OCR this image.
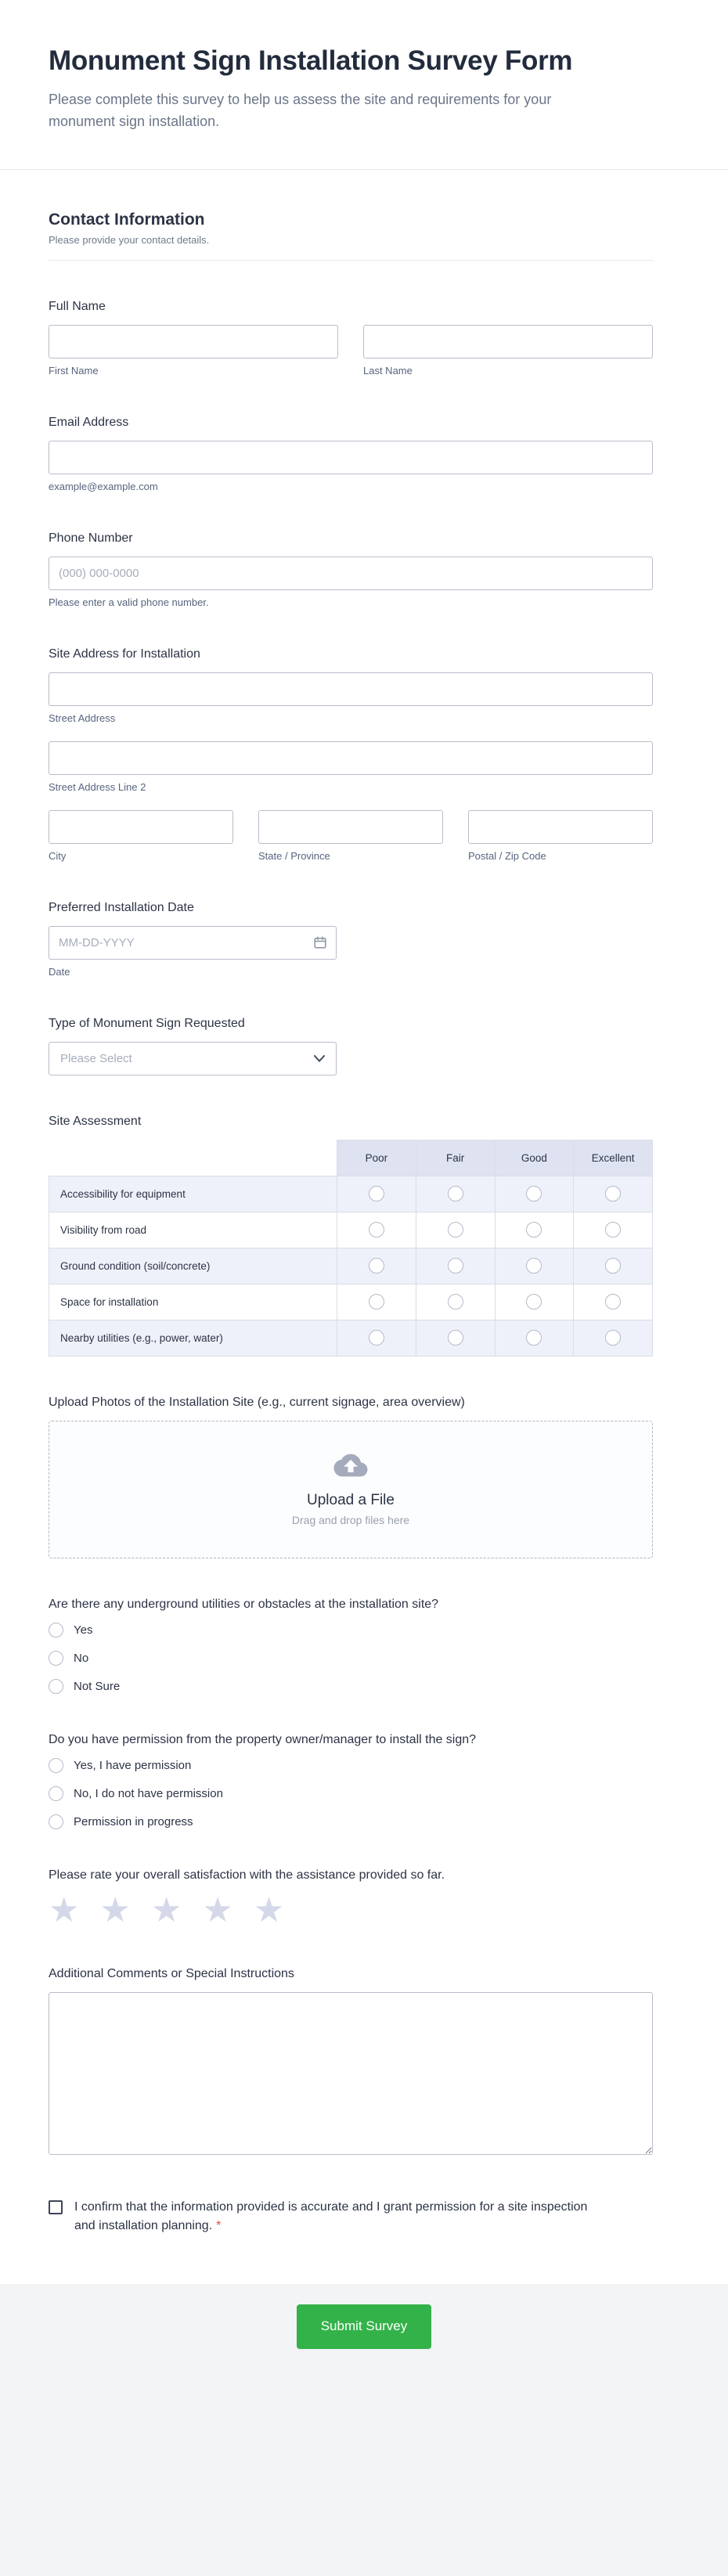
Monument Sign Installation Survey Form

Please complete this survey to help us assess the site and requirements for your monument sign installation.

Contact Information

Please provide your contact details.

Full Name
First Name	Last Name
Email Address
example@example.com
Phone Number
(000) 000-0000
Please enter a valid phone number.
Site Address for Installation
Street Address
Street Address Line 2
City	State / Province	Postal / Zip Code
Preferred Installation Date
MM-DD-YYYY
Date
Type of Monument Sign Requested
Please Select
Site Assessment
	Poor	Fair	Good	Excellent
Accessibility for equipment				
Visibility from road				
Ground condition (soil/concrete)				
Space for installation				
Nearby utilities (e.g., power, water)				
Upload Photos of the Installation Site (e.g., current signage, area overview)
Upload a File
Drag and drop files here
Are there any underground utilities or obstacles at the installation site?
Yes
No
Not Sure
Do you have permission from the property owner/manager to install the sign?
Yes, I have permission
No, I do not have permission
Permission in progress
Please rate your overall satisfaction with the assistance provided so far.
★ ★ ★ ★ ★
Additional Comments or Special Instructions
I confirm that the information provided is accurate and I grant permission for a site inspection and installation planning. *
Submit Survey
